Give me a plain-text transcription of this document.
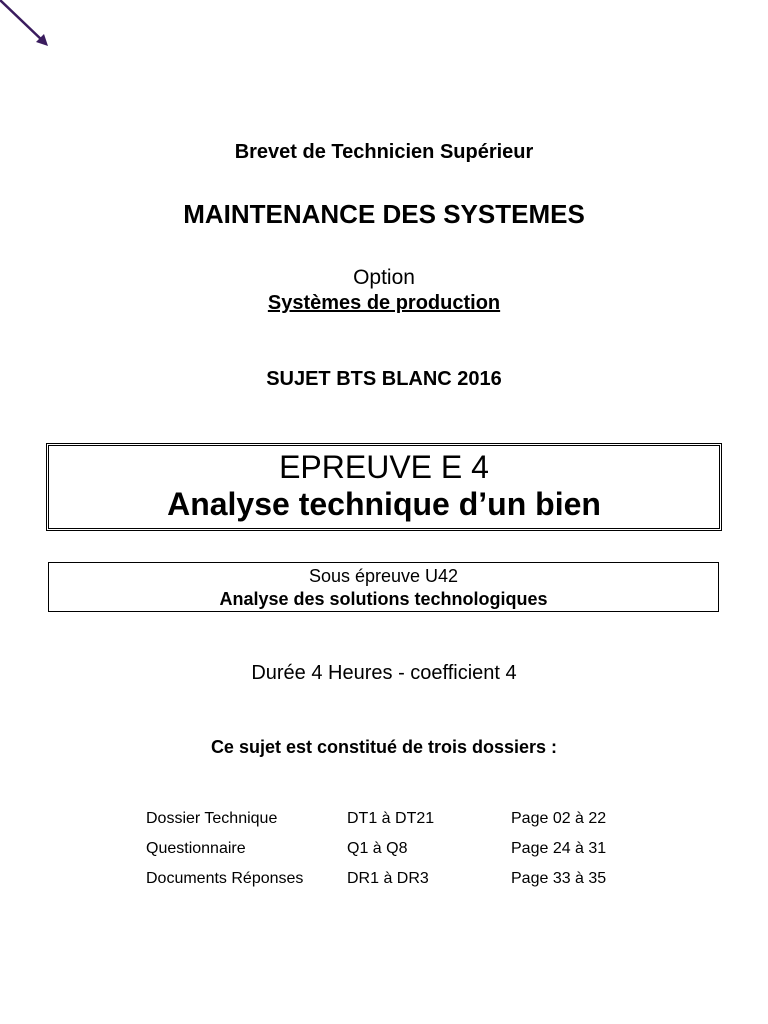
Brevet de Technicien Supérieur
MAINTENANCE DES SYSTEMES
Option
Systèmes de production
SUJET BTS BLANC 2016
EPREUVE E 4
Analyse technique d’un bien
Sous épreuve U42
Analyse des solutions technologiques
Durée 4 Heures - coefficient 4
Ce sujet est constitué de trois dossiers :
Dossier Technique	DT1 à DT21	Page 02 à 22
Questionnaire	Q1 à Q8	Page 24 à 31
Documents Réponses	DR1 à DR3	Page 33 à 35
